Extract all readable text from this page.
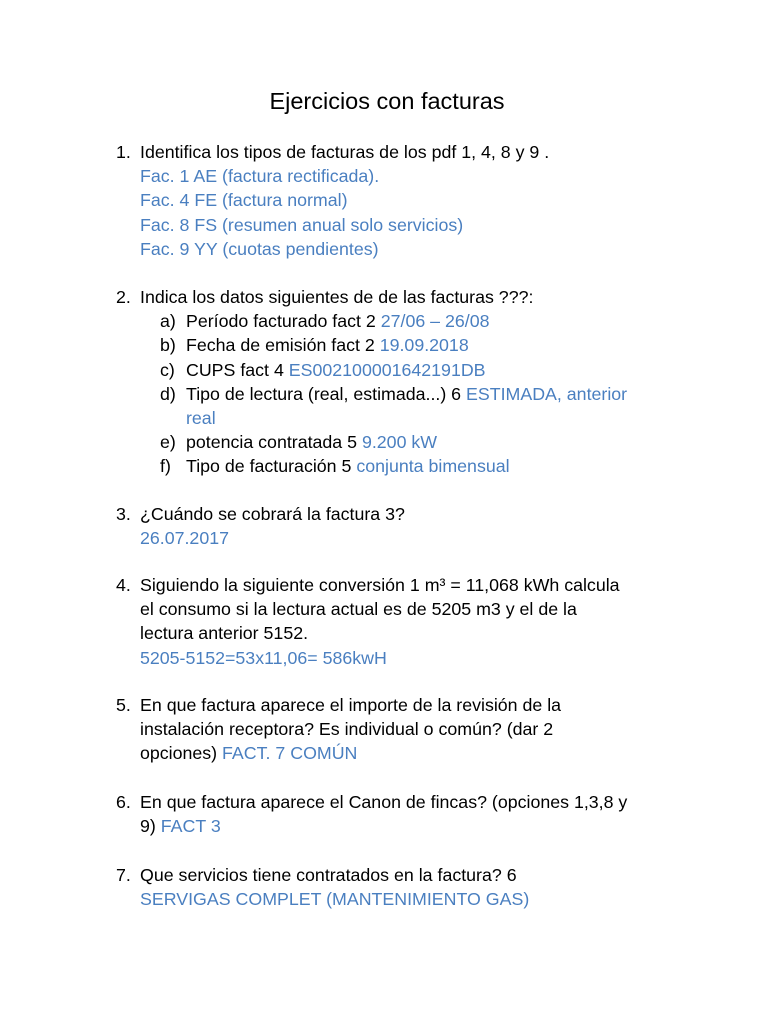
Ejercicios con facturas
1. Identifica los tipos de facturas de los pdf 1, 4, 8 y 9 .
Fac. 1 AE (factura rectificada).
Fac. 4 FE (factura normal)
Fac. 8 FS (resumen anual solo servicios)
Fac. 9 YY (cuotas pendientes)
2. Indica los datos siguientes de de las facturas ???:
a) Período facturado fact 2 27/06 – 26/08
b) Fecha de emisión fact 2 19.09.2018
c) CUPS fact 4 ES002100001642191DB
d) Tipo de lectura (real, estimada...) 6 ESTIMADA, anterior
real
e) potencia contratada 5 9.200 kW
f) Tipo de facturación 5 conjunta bimensual
3. ¿Cuándo se cobrará la factura 3?
26.07.2017
4. Siguiendo la siguiente conversión 1 m³ = 11,068 kWh calcula
el consumo si la lectura actual es de 5205 m3 y el de la
lectura anterior 5152.
5205-5152=53x11,06= 586kwH
5. En que factura aparece el importe de la revisión de la
instalación receptora? Es individual o común? (dar 2
opciones) FACT. 7 COMÚN
6. En que factura aparece el Canon de fincas? (opciones 1,3,8 y
9) FACT 3
7. Que servicios tiene contratados en la factura? 6
SERVIGAS COMPLET (MANTENIMIENTO GAS)
